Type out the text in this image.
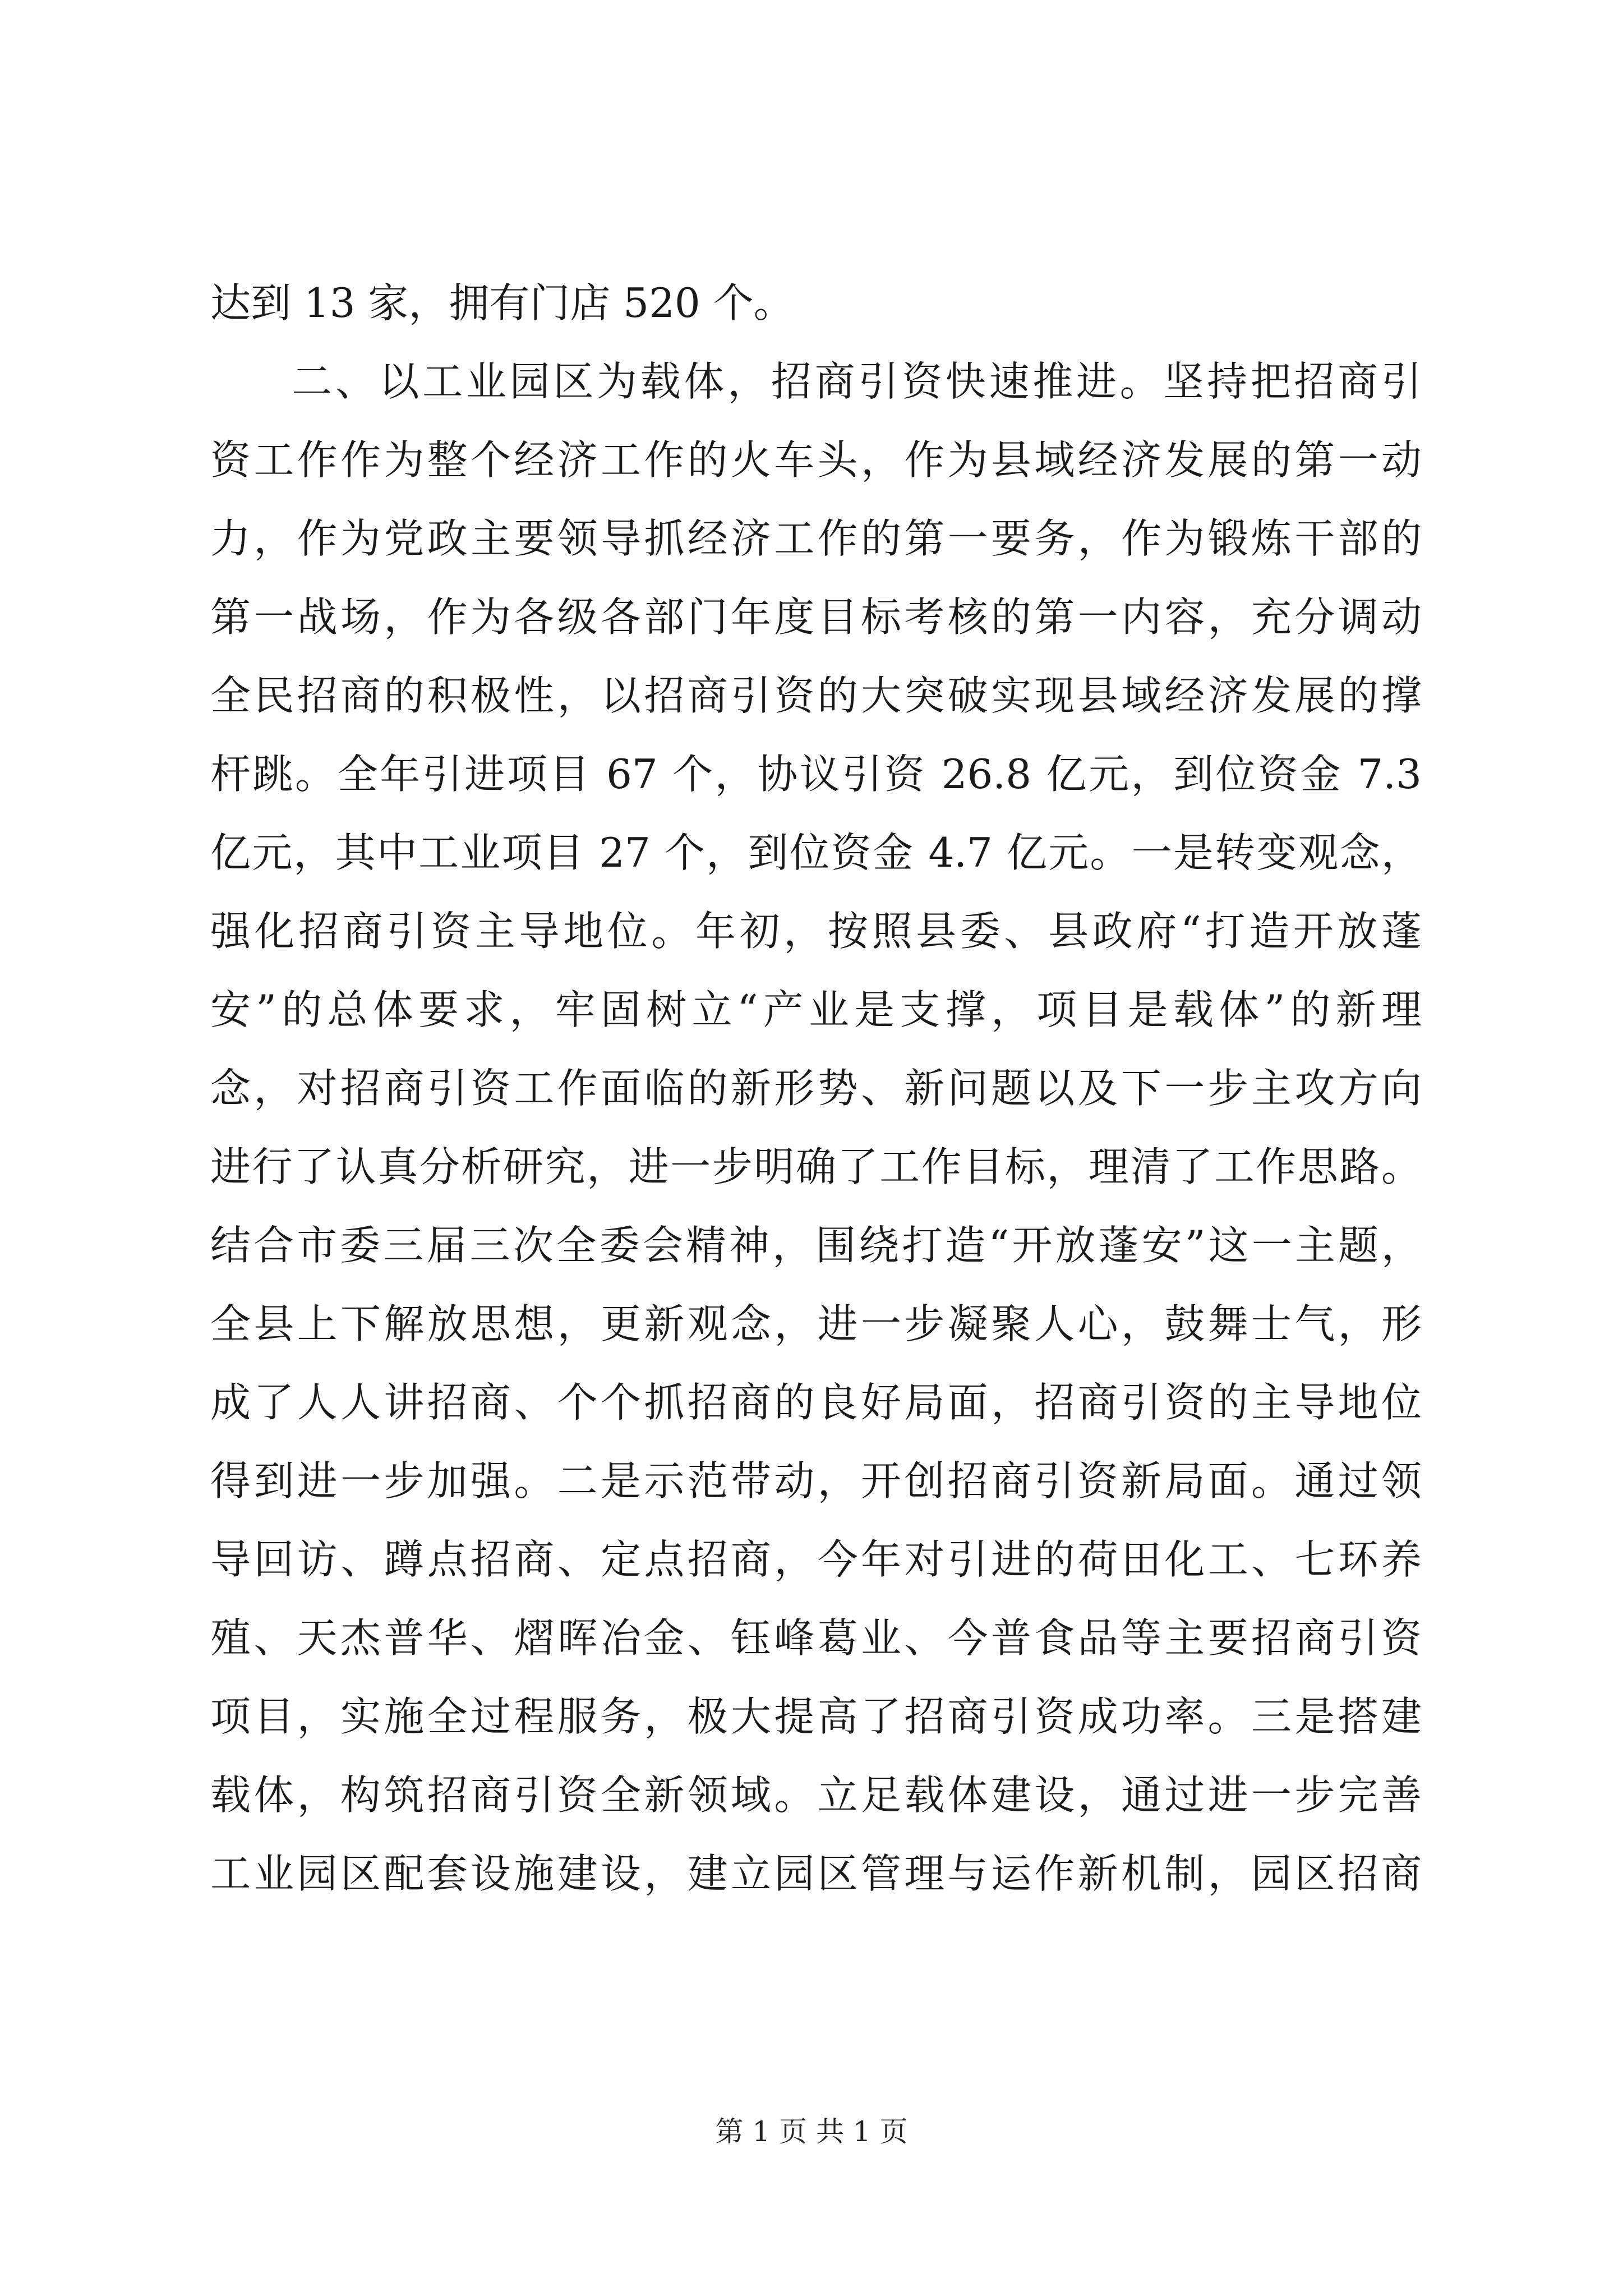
达到 13 家，拥有门店 520 个。
二、以工业园区为载体，招商引资快速推进。坚持把招商引
资工作作为整个经济工作的火车头，作为县域经济发展的第一动
力，作为党政主要领导抓经济工作的第一要务，作为锻炼干部的
第一战场，作为各级各部门年度目标考核的第一内容，充分调动
全民招商的积极性，以招商引资的大突破实现县域经济发展的撑
杆跳。全年引进项目 67 个，协议引资 26.8 亿元，到位资金 7.3
亿元，其中工业项目 27 个，到位资金 4.7 亿元。一是转变观念，
强化招商引资主导地位。年初，按照县委、县政府“打造开放蓬
安”的总体要求，牢固树立“产业是支撑，项目是载体”的新理
念，对招商引资工作面临的新形势、新问题以及下一步主攻方向
进行了认真分析研究，进一步明确了工作目标，理清了工作思路。
结合市委三届三次全委会精神，围绕打造“开放蓬安”这一主题，
全县上下解放思想，更新观念，进一步凝聚人心，鼓舞士气，形
成了人人讲招商、个个抓招商的良好局面，招商引资的主导地位
得到进一步加强。二是示范带动，开创招商引资新局面。通过领
导回访、蹲点招商、定点招商，今年对引进的荷田化工、七环养
殖、天杰普华、熠晖冶金、钰峰葛业、今普食品等主要招商引资
项目，实施全过程服务，极大提高了招商引资成功率。三是搭建
载体，构筑招商引资全新领域。立足载体建设，通过进一步完善
工业园区配套设施建设，建立园区管理与运作新机制，园区招商
第 1 页 共 1 页
